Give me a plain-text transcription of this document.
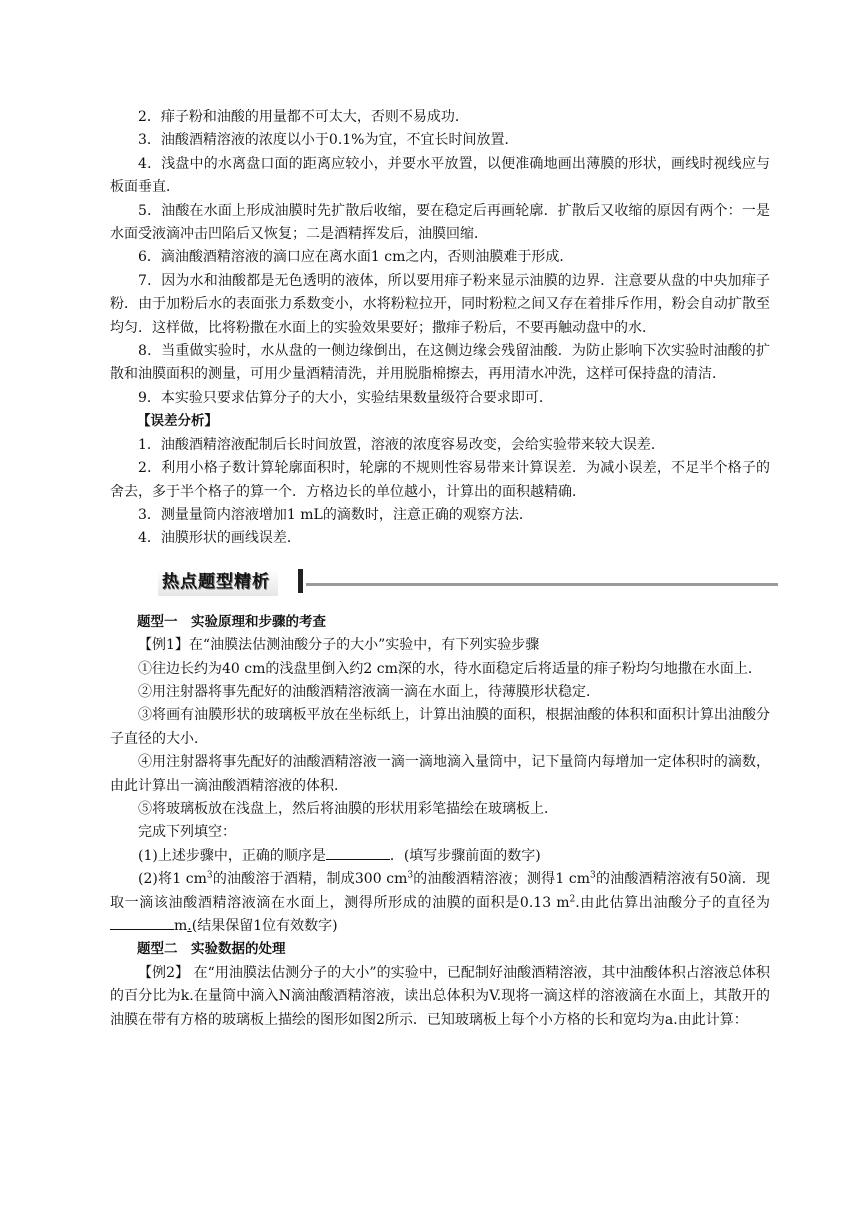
2．痱子粉和油酸的用量都不可太大，否则不易成功．

3．油酸酒精溶液的浓度以小于0.1%为宜，不宜长时间放置．

4．浅盘中的水离盘口面的距离应较小，并要水平放置，以便准确地画出薄膜的形状，画线时视线应与板面垂直．

5．油酸在水面上形成油膜时先扩散后收缩，要在稳定后再画轮廓．扩散后又收缩的原因有两个：一是水面受液滴冲击凹陷后又恢复；二是酒精挥发后，油膜回缩．

6．滴油酸酒精溶液的滴口应在离水面1 cm之内，否则油膜难于形成．

7．因为水和油酸都是无色透明的液体，所以要用痱子粉来显示油膜的边界．注意要从盘的中央加痱子粉．由于加粉后水的表面张力系数变小，水将粉粒拉开，同时粉粒之间又存在着排斥作用，粉会自动扩散至均匀．这样做，比将粉撒在水面上的实验效果要好；撒痱子粉后，不要再触动盘中的水．

8．当重做实验时，水从盘的一侧边缘倒出，在这侧边缘会残留油酸．为防止影响下次实验时油酸的扩散和油膜面积的测量，可用少量酒精清洗，并用脱脂棉擦去，再用清水冲洗，这样可保持盘的清洁．

9．本实验只要求估算分子的大小，实验结果数量级符合要求即可．

【误差分析】

1．油酸酒精溶液配制后长时间放置，溶液的浓度容易改变，会给实验带来较大误差．

2．利用小格子数计算轮廓面积时，轮廓的不规则性容易带来计算误差．为减小误差，不足半个格子的舍去，多于半个格子的算一个．方格边长的单位越小，计算出的面积越精确．

3．测量量筒内溶液增加1 mL的滴数时，注意正确的观察方法．

4．油膜形状的画线误差．

热点题型精析

题型一　实验原理和步骤的考查

【例1】在“油膜法估测油酸分子的大小”实验中，有下列实验步骤

①往边长约为40 cm的浅盘里倒入约2 cm深的水，待水面稳定后将适量的痱子粉均匀地撒在水面上．

②用注射器将事先配好的油酸酒精溶液滴一滴在水面上，待薄膜形状稳定．

③将画有油膜形状的玻璃板平放在坐标纸上，计算出油膜的面积，根据油酸的体积和面积计算出油酸分子直径的大小．

④用注射器将事先配好的油酸酒精溶液一滴一滴地滴入量筒中，记下量筒内每增加一定体积时的滴数，由此计算出一滴油酸酒精溶液的体积．

⑤将玻璃板放在浅盘上，然后将油膜的形状用彩笔描绘在玻璃板上．

完成下列填空：

(1)上述步骤中，正确的顺序是	．(填写步骤前面的数字)

(2)将1 $cm^3$的油酸溶于酒精，制成300 $cm^3$的油酸酒精溶液；测得1 $cm^3$的油酸酒精溶液有50滴．现取一滴该油酸酒精溶液滴在水面上，测得所形成的油膜的面积是0.13 $m^2$.由此估算出油酸分子的直径为m.(结果保留1位有效数字)

题型二　实验数据的处理

【例2】 在“用油膜法估测分子的大小”的实验中，已配制好油酸酒精溶液，其中油酸体积占溶液总体积的百分比为k.在量筒中滴入N滴油酸酒精溶液，读出总体积为V.现将一滴这样的溶液滴在水面上，其散开的油膜在带有方格的玻璃板上描绘的图形如图2所示．已知玻璃板上每个小方格的长和宽均为a.由此计算：
